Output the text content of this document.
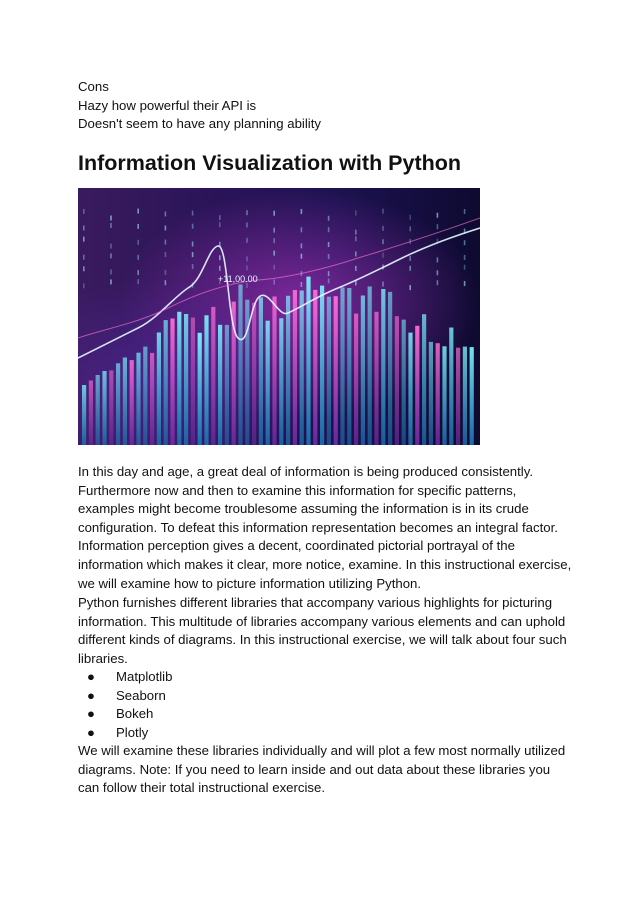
Cons
Hazy how powerful their API is
Doesn't seem to have any planning ability
Information Visualization with Python
+11,00.00
In this day and age, a great deal of information is being produced consistently.
Furthermore now and then to examine this information for specific patterns,
examples might become troublesome assuming the information is in its crude
configuration. To defeat this information representation becomes an integral factor.
Information perception gives a decent, coordinated pictorial portrayal of the
information which makes it clear, more notice, examine. In this instructional exercise,
we will examine how to picture information utilizing Python.
Python furnishes different libraries that accompany various highlights for picturing
information. This multitude of libraries accompany various elements and can uphold
different kinds of diagrams. In this instructional exercise, we will talk about four such
libraries.
● Matplotlib
● Seaborn
● Bokeh
● Plotly
We will examine these libraries individually and will plot a few most normally utilized
diagrams. Note: If you need to learn inside and out data about these libraries you
can follow their total instructional exercise.
